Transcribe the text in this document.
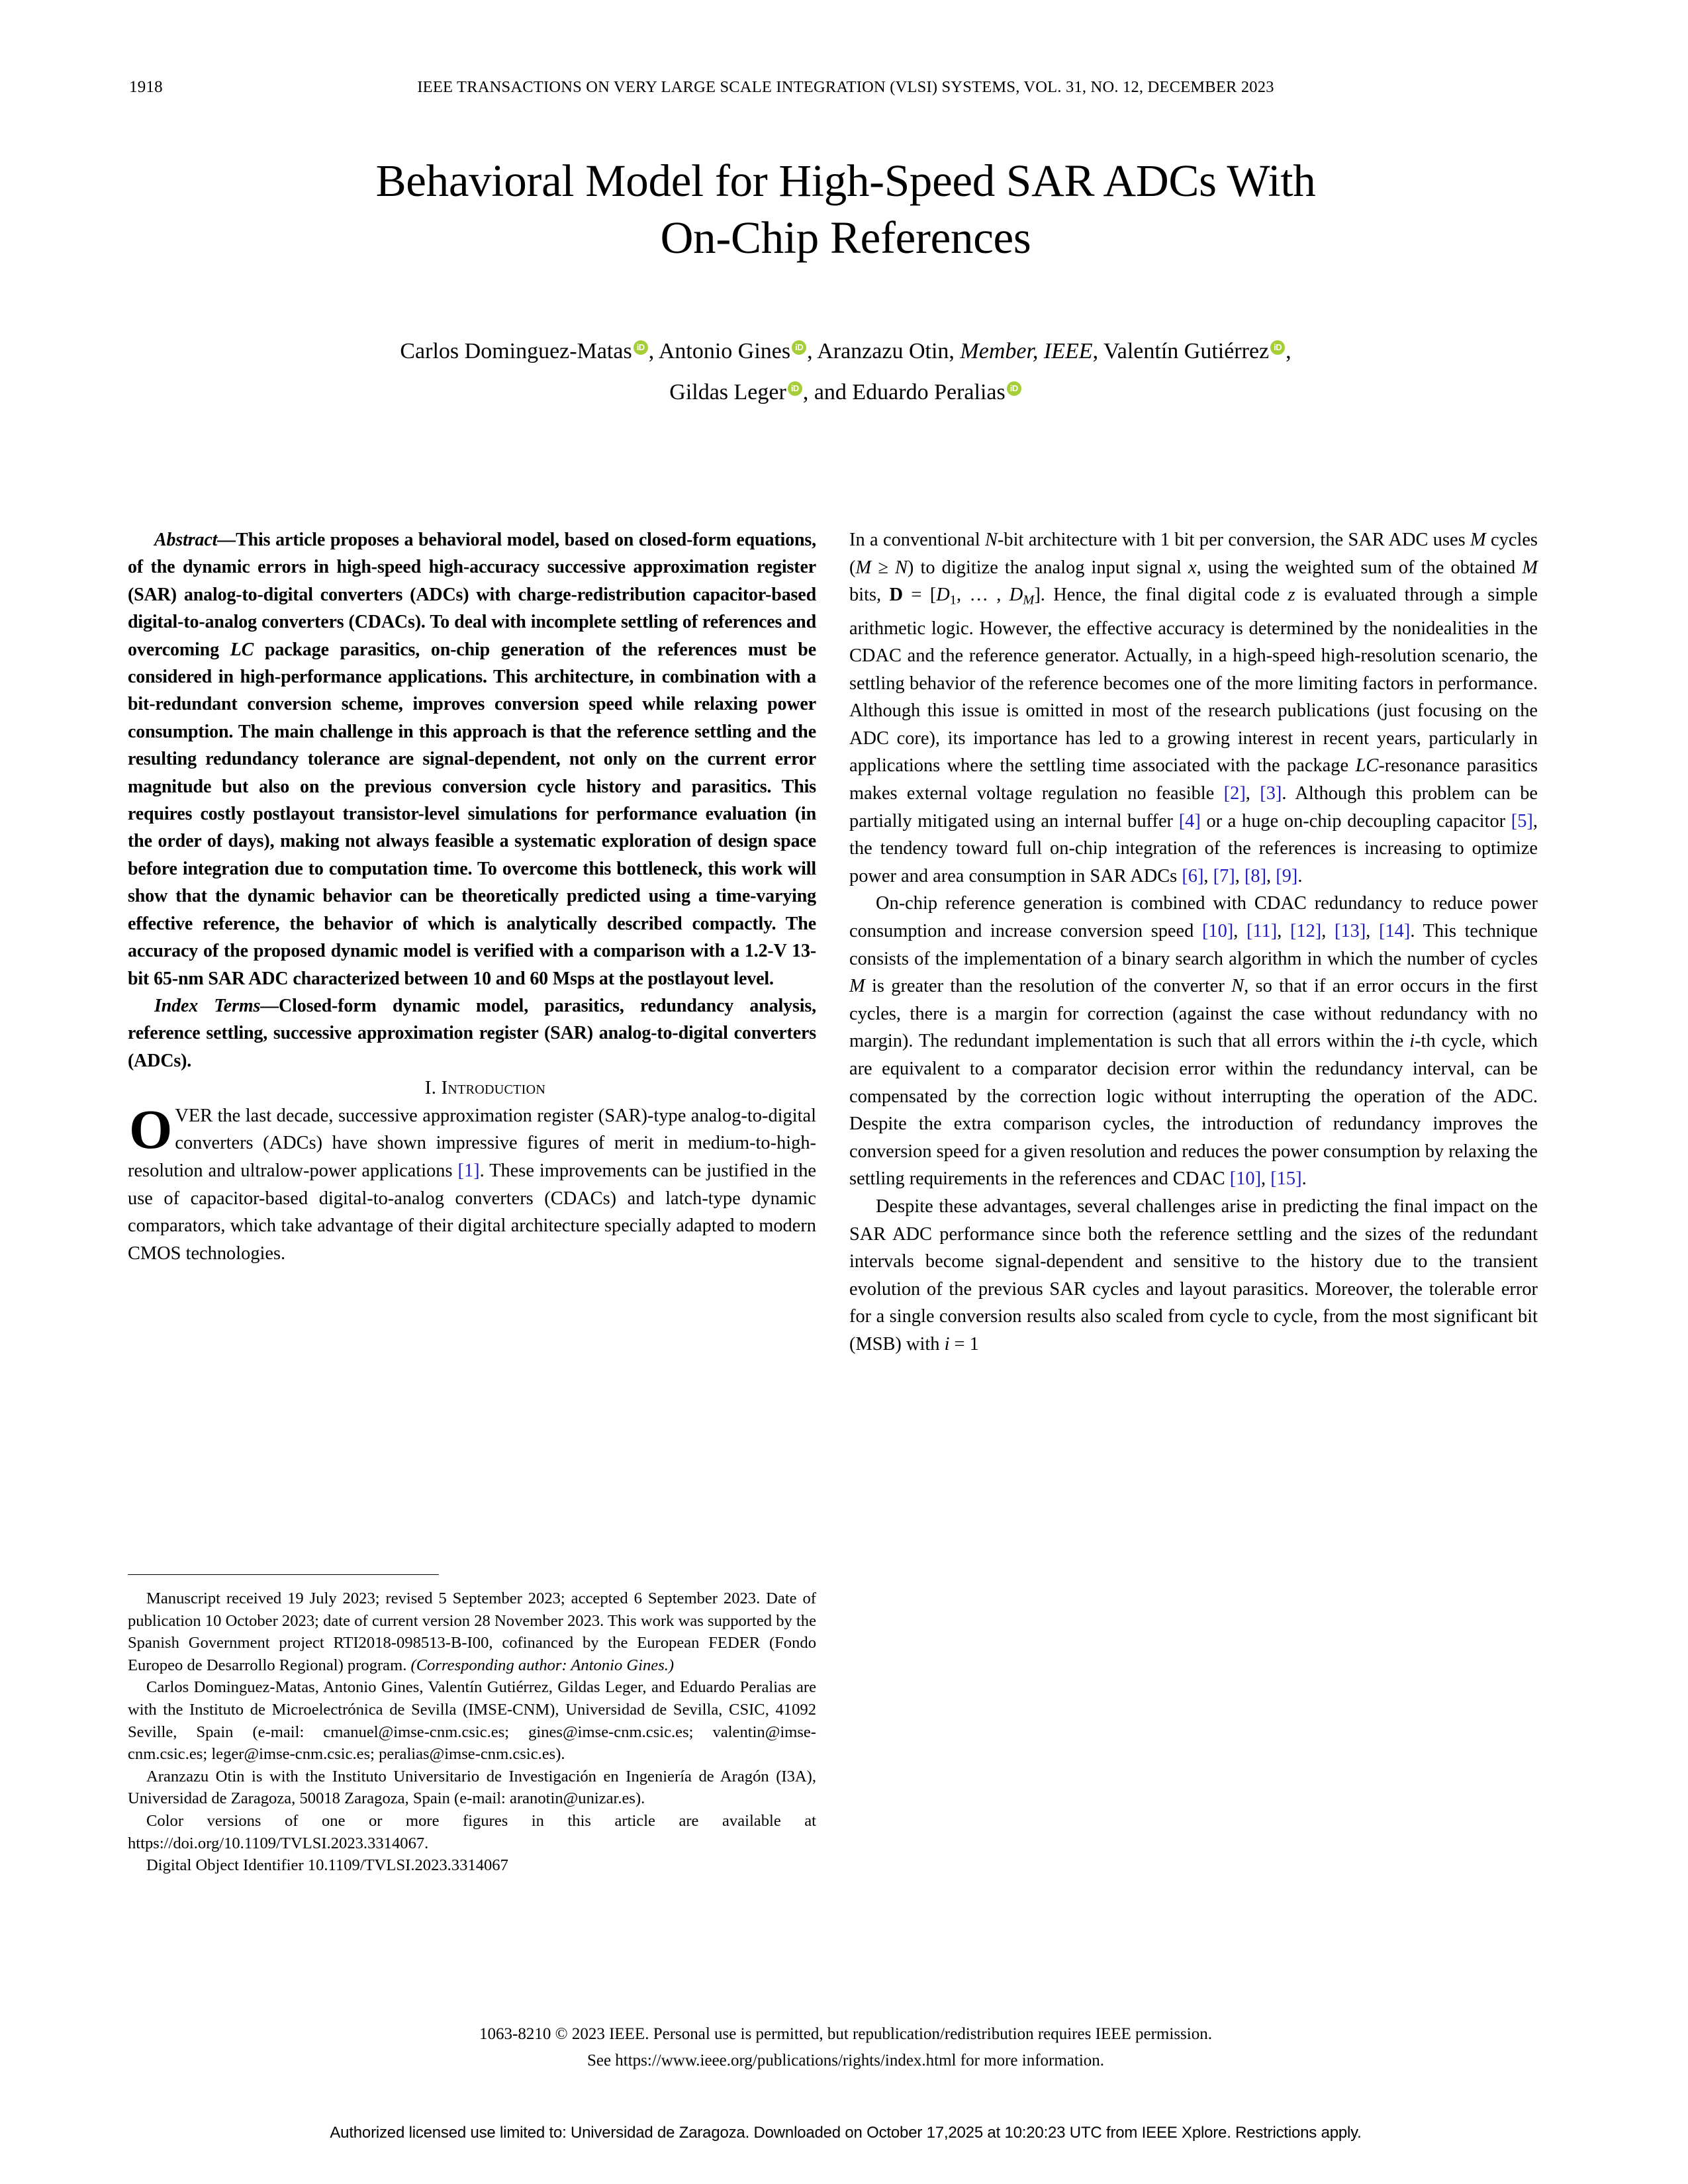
1918	IEEE TRANSACTIONS ON VERY LARGE SCALE INTEGRATION (VLSI) SYSTEMS, VOL. 31, NO. 12, DECEMBER 2023
Behavioral Model for High-Speed SAR ADCs With
On-Chip References
Carlos Dominguez-Matas iD , Antonio Gines iD , Aranzazu Otin, Member, IEEE, Valentín Gutiérrez iD ,
Gildas Leger iD , and Eduardo Peralias iD

Abstract—This article proposes a behavioral model, based on closed-form equations, of the dynamic errors in high-speed high-accuracy successive approximation register (SAR) analog-to-digital converters (ADCs) with charge-redistribution capacitor-based digital-to-analog converters (CDACs). To deal with incomplete settling of references and overcoming LC package parasitics, on-chip generation of the references must be considered in high-performance applications. This architecture, in combination with a bit-redundant conversion scheme, improves conversion speed while relaxing power consumption. The main challenge in this approach is that the reference settling and the resulting redundancy tolerance are signal-dependent, not only on the current error magnitude but also on the previous conversion cycle history and parasitics. This requires costly postlayout transistor-level simulations for performance evaluation (in the order of days), making not always feasible a systematic exploration of design space before integration due to computation time. To overcome this bottleneck, this work will show that the dynamic behavior can be theoretically predicted using a time-varying effective reference, the behavior of which is analytically described compactly. The accuracy of the proposed dynamic model is verified with a comparison with a 1.2-V 13-bit 65-nm SAR ADC characterized between 10 and 60 Msps at the postlayout level.

Index Terms—Closed-form dynamic model, parasitics, redundancy analysis, reference settling, successive approximation register (SAR) analog-to-digital converters (ADCs).

I. Introduction

OVER the last decade, successive approximation register (SAR)-type analog-to-digital converters (ADCs) have shown impressive figures of merit in medium-to-high-resolution and ultralow-power applications [1]. These improvements can be justified in the use of capacitor-based digital-to-analog converters (CDACs) and latch-type dynamic comparators, which take advantage of their digital architecture specially adapted to modern CMOS technologies.

In a conventional N-bit architecture with 1 bit per conversion, the SAR ADC uses M cycles (M ≥ N) to digitize the analog input signal x, using the weighted sum of the obtained M bits, $D = [D_1$, … , $D_M$]. Hence, the final digital code z is evaluated through a simple arithmetic logic. However, the effective accuracy is determined by the nonidealities in the CDAC and the reference generator. Actually, in a high-speed high-resolution scenario, the settling behavior of the reference becomes one of the more limiting factors in performance. Although this issue is omitted in most of the research publications (just focusing on the ADC core), its importance has led to a growing interest in recent years, particularly in applications where the settling time associated with the package LC-resonance parasitics makes external voltage regulation no feasible [2], [3]. Although this problem can be partially mitigated using an internal buffer [4] or a huge on-chip decoupling capacitor [5], the tendency toward full on-chip integration of the references is increasing to optimize power and area consumption in SAR ADCs [6], [7], [8], [9].

On-chip reference generation is combined with CDAC redundancy to reduce power consumption and increase conversion speed [10], [11], [12], [13], [14]. This technique consists of the implementation of a binary search algorithm in which the number of cycles M is greater than the resolution of the converter N, so that if an error occurs in the first cycles, there is a margin for correction (against the case without redundancy with no margin). The redundant implementation is such that all errors within the i-th cycle, which are equivalent to a comparator decision error within the redundancy interval, can be compensated by the correction logic without interrupting the operation of the ADC. Despite the extra comparison cycles, the introduction of redundancy improves the conversion speed for a given resolution and reduces the power consumption by relaxing the settling requirements in the references and CDAC [10], [15].

Despite these advantages, several challenges arise in predicting the final impact on the SAR ADC performance since both the reference settling and the sizes of the redundant intervals become signal-dependent and sensitive to the history due to the transient evolution of the previous SAR cycles and layout parasitics. Moreover, the tolerable error for a single conversion results also scaled from cycle to cycle, from the most significant bit (MSB) with i = 1

Manuscript received 19 July 2023; revised 5 September 2023; accepted 6 September 2023. Date of publication 10 October 2023; date of current version 28 November 2023. This work was supported by the Spanish Government project RTI2018-098513-B-I00, cofinanced by the European FEDER (Fondo Europeo de Desarrollo Regional) program. (Corresponding author: Antonio Gines.)

Carlos Dominguez-Matas, Antonio Gines, Valentín Gutiérrez, Gildas Leger, and Eduardo Peralias are with the Instituto de Microelectrónica de Sevilla (IMSE-CNM), Universidad de Sevilla, CSIC, 41092 Seville, Spain (e-mail: cmanuel@imse-cnm.csic.es; gines@imse-cnm.csic.es; valentin@imse-cnm.csic.es; leger@imse-cnm.csic.es; peralias@imse-cnm.csic.es).

Aranzazu Otin is with the Instituto Universitario de Investigación en Ingeniería de Aragón (I3A), Universidad de Zaragoza, 50018 Zaragoza, Spain (e-mail: aranotin@unizar.es).

Color versions of one or more figures in this article are available at https://doi.org/10.1109/TVLSI.2023.3314067.

Digital Object Identifier 10.1109/TVLSI.2023.3314067

1063-8210 © 2023 IEEE. Personal use is permitted, but republication/redistribution requires IEEE permission.
See https://www.ieee.org/publications/rights/index.html for more information.
Authorized licensed use limited to: Universidad de Zaragoza. Downloaded on October 17,2025 at 10:20:23 UTC from IEEE Xplore. Restrictions apply.
